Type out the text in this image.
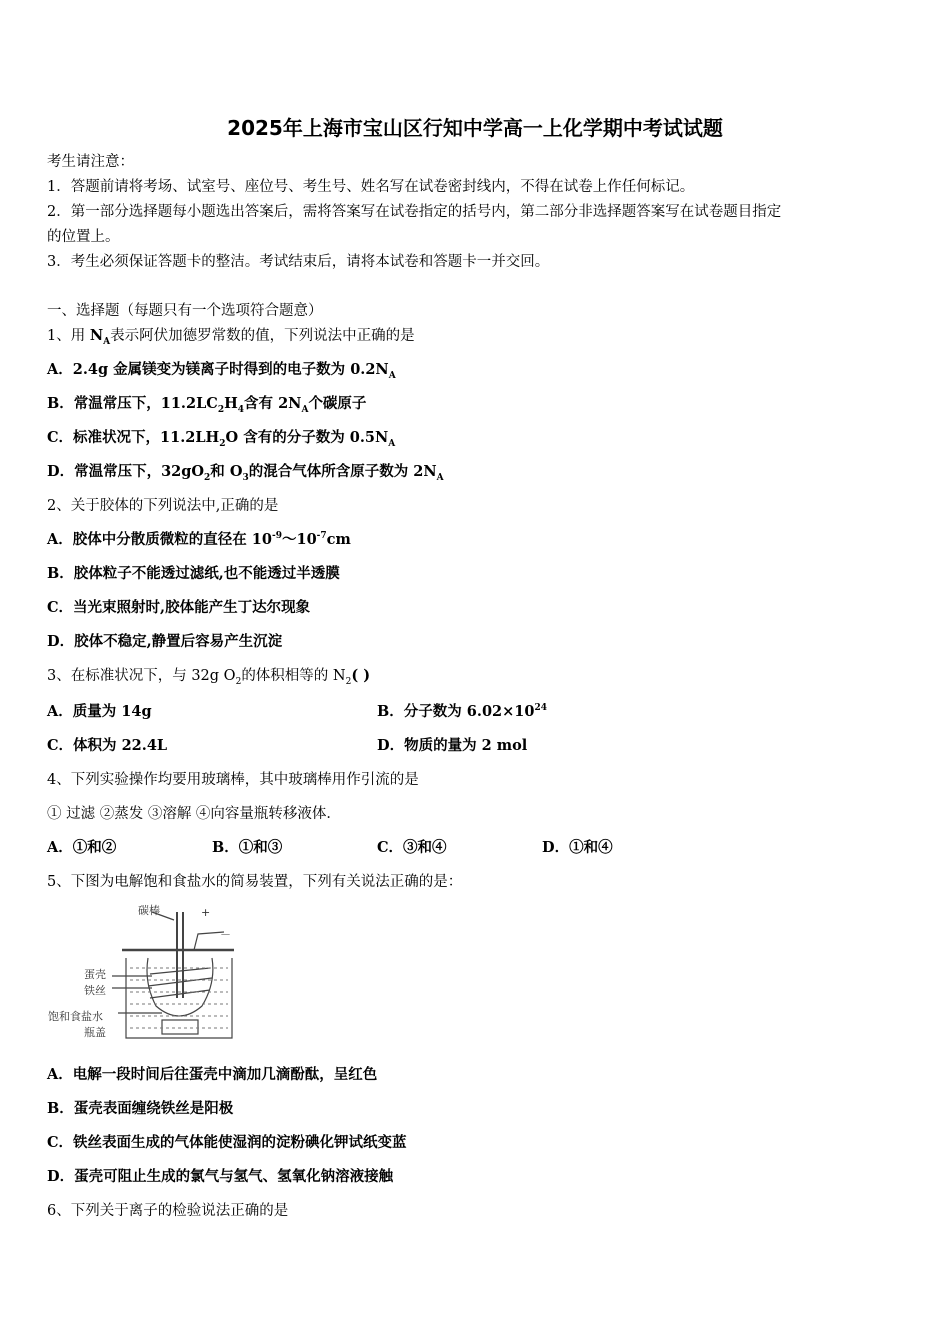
2025年上海市宝山区行知中学高一上化学期中考试试题
考生请注意：
1．答题前请将考场、试室号、座位号、考生号、姓名写在试卷密封线内，不得在试卷上作任何标记。
2．第一部分选择题每小题选出答案后，需将答案写在试卷指定的括号内，第二部分非选择题答案写在试卷题目指定
的位置上。
3．考生必须保证答题卡的整洁。考试结束后，请将本试卷和答题卡一并交回。
一、选择题（每题只有一个选项符合题意）
1、用 $N_A$表示阿伏加德罗常数的值，下列说法中正确的是
A．2.4g 金属镁变为镁离子时得到的电子数为 $0.2N_A$
B．常温常压下，$11.2LC_2H_4$含有 $2N_A$个碳原子
C．标准状况下，$11.2LH_2O$ 含有的分子数为 $0.5N_A$
D．常温常压下，$32gO_2$和 $O_3$的混合气体所含原子数为 $2N_A$
2、关于胶体的下列说法中,正确的是
A．胶体中分散质微粒的直径在 $10^{-9}\sim 10^{-7}cm$
B．胶体粒子不能透过滤纸,也不能透过半透膜
C．当光束照射时,胶体能产生丁达尔现象
D．胶体不稳定,静置后容易产生沉淀
3、在标准状况下，与 32g $O_2$的体积相等的 $N_2$( )
A．质量为 14g	B．分子数为 $6.02\times 10^{24}$
C．体积为 22.4L	D．物质的量为 2 mol
4、下列实验操作均要用玻璃棒，其中玻璃棒用作引流的是
① 过滤 ②蒸发 ③溶解 ④向容量瓶转移液体．
A．①和②	B．①和③	C．③和④	D．①和④
5、下图为电解饱和食盐水的简易装置，下列有关说法正确的是：
碳棒	+
－
蛋壳
铁丝
饱和食盐水
瓶盖
A．电解一段时间后往蛋壳中滴加几滴酚酞，呈红色
B．蛋壳表面缠绕铁丝是阳极
C．铁丝表面生成的气体能使湿润的淀粉碘化钾试纸变蓝
D．蛋壳可阻止生成的氯气与氢气、氢氧化钠溶液接触
6、下列关于离子的检验说法正确的是
